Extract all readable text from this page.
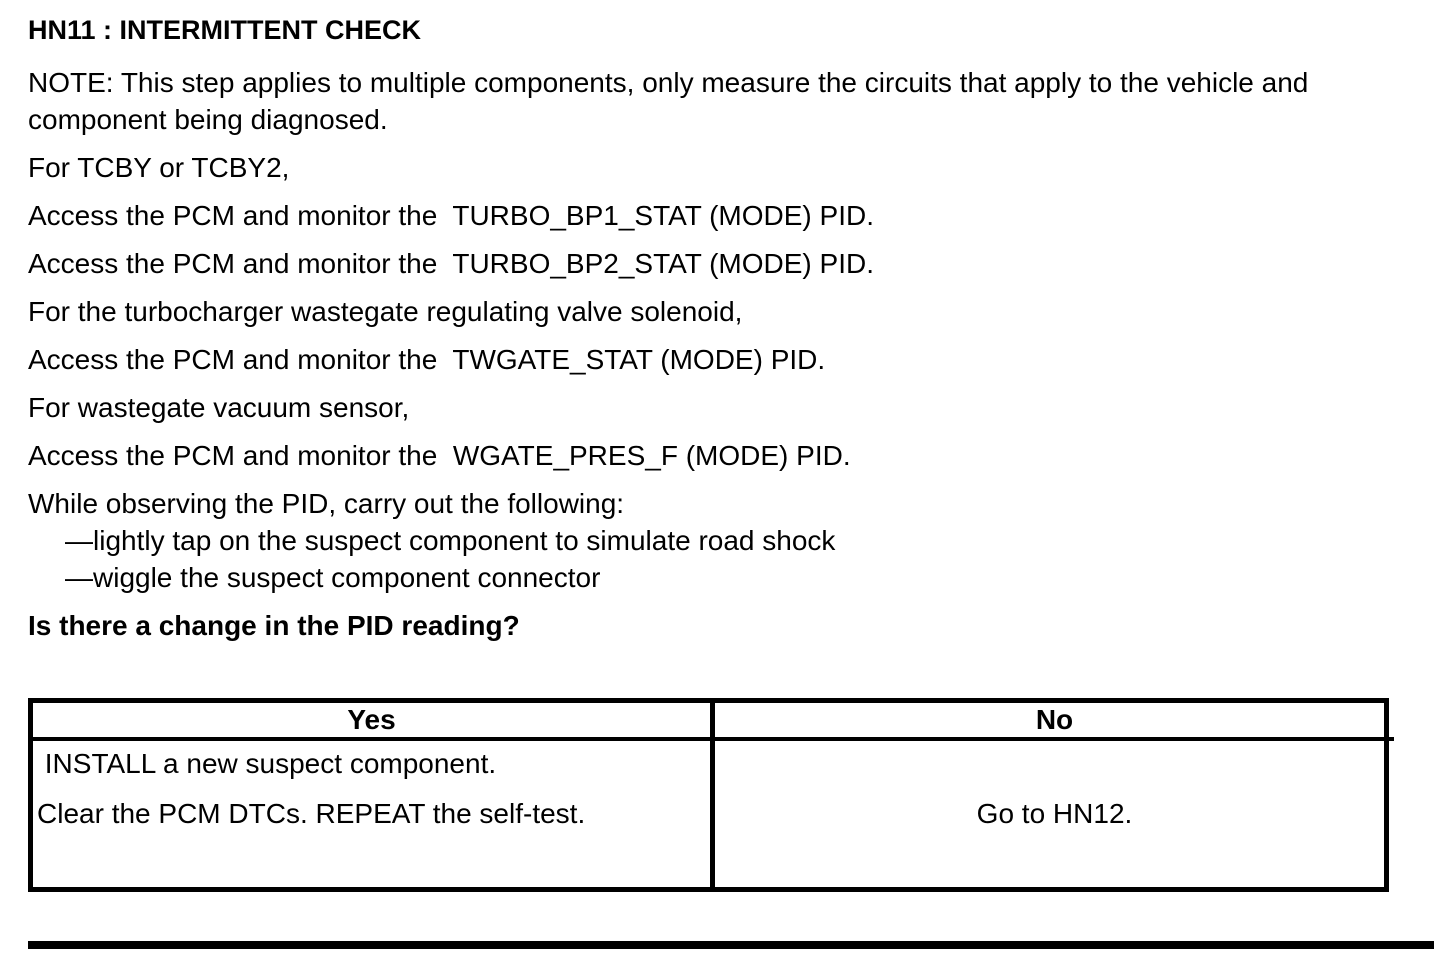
HN11 : INTERMITTENT CHECK

NOTE: This step applies to multiple components, only measure the circuits that apply to the vehicle and component being diagnosed.

For TCBY or TCBY2,

Access the PCM and monitor the  TURBO_BP1_STAT (MODE) PID.

Access the PCM and monitor the  TURBO_BP2_STAT (MODE) PID.

For the turbocharger wastegate regulating valve solenoid,

Access the PCM and monitor the  TWGATE_STAT (MODE) PID.

For wastegate vacuum sensor,

Access the PCM and monitor the  WGATE_PRES_F (MODE) PID.

While observing the PID, carry out the following:

—lightly tap on the suspect component to simulate road shock

—wiggle the suspect component connector

Is there a change in the PID reading?

Yes	No

INSTALL a new suspect component.

Clear the PCM DTCs. REPEAT the self-test.	Go to HN12.
